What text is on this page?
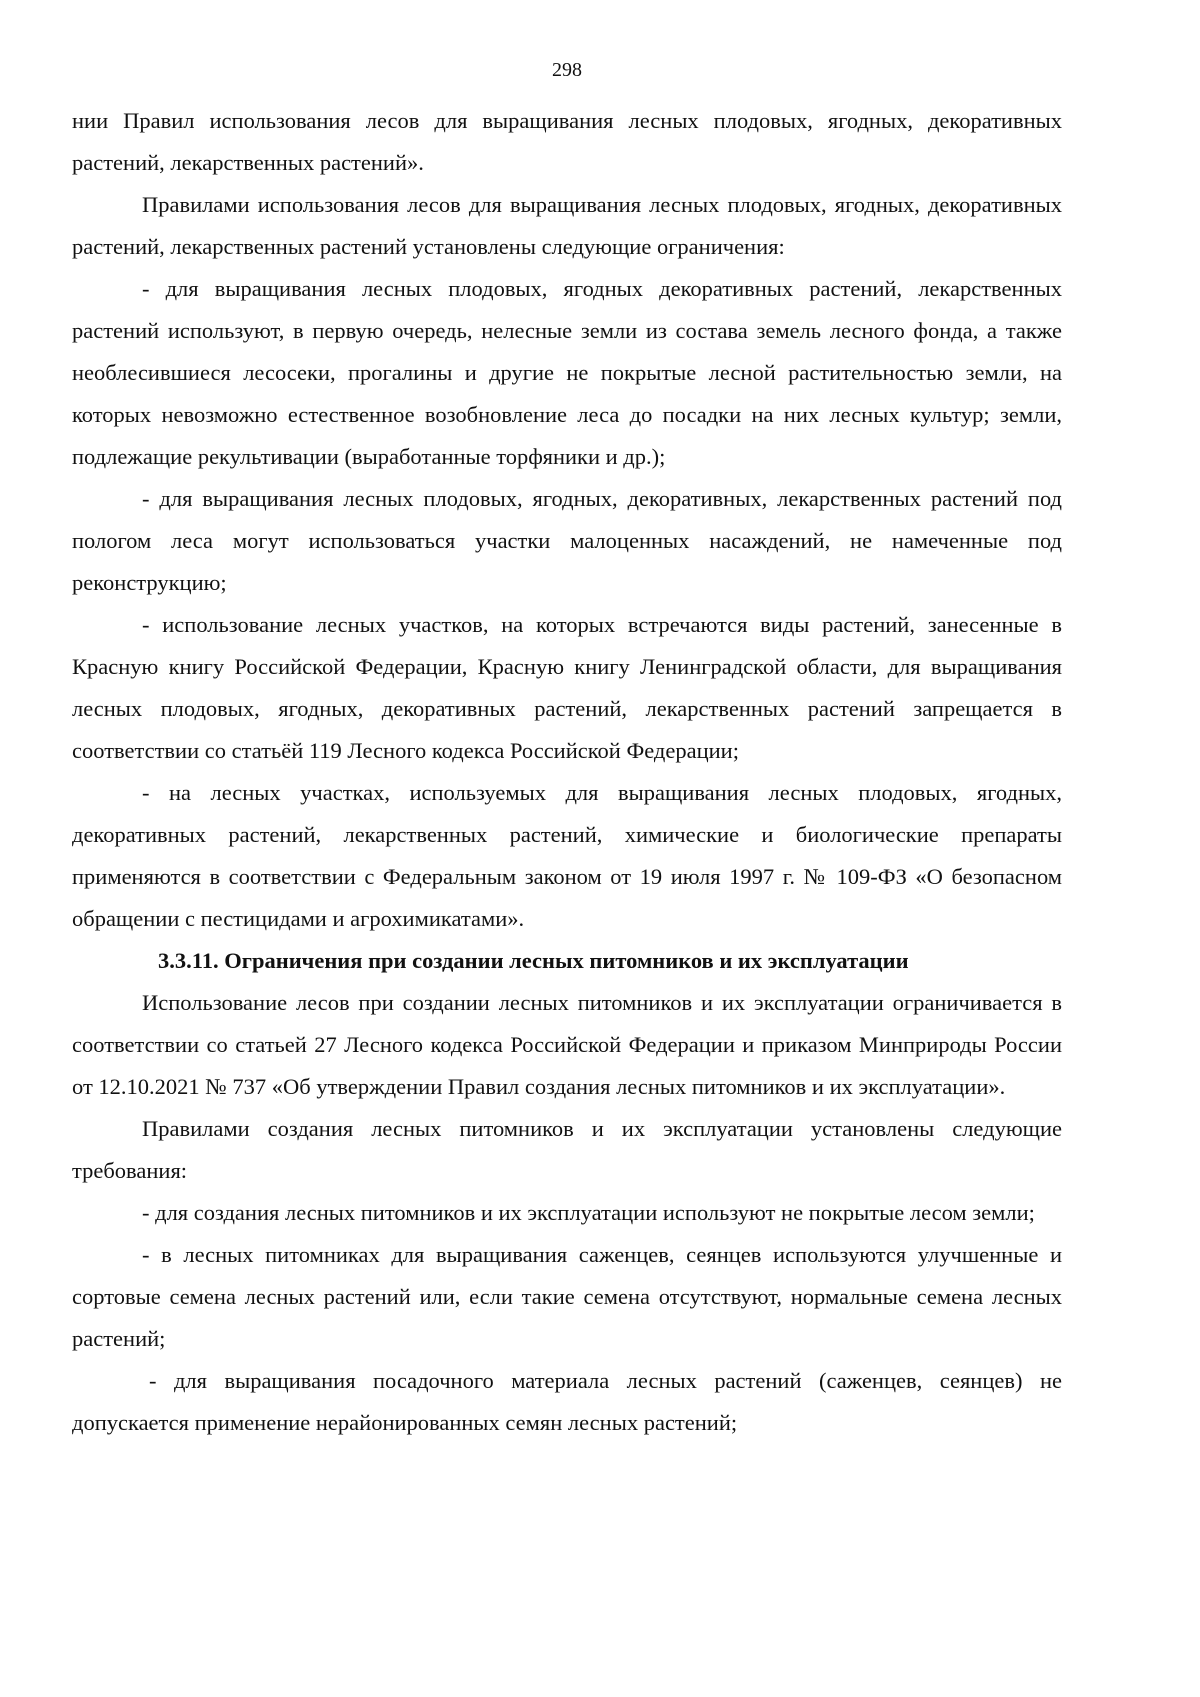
298

нии Правил использования лесов для выращивания лесных плодовых, ягодных, декоративных растений, лекарственных растений».

Правилами использования лесов для выращивания лесных плодовых, ягодных, декоративных растений, лекарственных растений установлены следующие ограничения:

- для выращивания лесных плодовых, ягодных декоративных растений, лекарственных растений используют, в первую очередь, нелесные земли из состава земель лесного фонда, а также необлесившиеся лесосеки, прогалины и другие не покрытые лесной растительностью земли, на которых невозможно естественное возобновление леса до посадки на них лесных культур; земли, подлежащие рекультивации (выработанные торфяники и др.);

- для выращивания лесных плодовых, ягодных, декоративных, лекарственных растений под пологом леса могут использоваться участки малоценных насаждений, не намеченные под реконструкцию;

- использование лесных участков, на которых встречаются виды растений, занесенные в Красную книгу Российской Федерации, Красную книгу Ленинградской области, для выращивания лесных плодовых, ягодных, декоративных растений, лекарственных растений запрещается в соответствии со статьёй 119 Лесного кодекса Российской Федерации;

- на лесных участках, используемых для выращивания лесных плодовых, ягодных, декоративных растений, лекарственных растений, химические и биологические препараты применяются в соответствии с Федеральным законом от 19 июля 1997 г. № 109-ФЗ «О безопасном обращении с пестицидами и агрохимикатами».

3.3.11. Ограничения при создании лесных питомников и их эксплуатации

Использование лесов при создании лесных питомников и их эксплуатации ограничивается в соответствии со статьей 27 Лесного кодекса Российской Федерации и приказом Минприроды России от 12.10.2021 № 737 «Об утверждении Правил создания лесных питомников и их эксплуатации».

Правилами создания лесных питомников и их эксплуатации установлены следующие требования:

- для создания лесных питомников и их эксплуатации используют не покрытые лесом земли;

- в лесных питомниках для выращивания саженцев, сеянцев используются улучшенные и сортовые семена лесных растений или, если такие семена отсутствуют, нормальные семена лесных растений;

- для выращивания посадочного материала лесных растений (саженцев, сеянцев) не допускается применение нерайонированных семян лесных растений;
